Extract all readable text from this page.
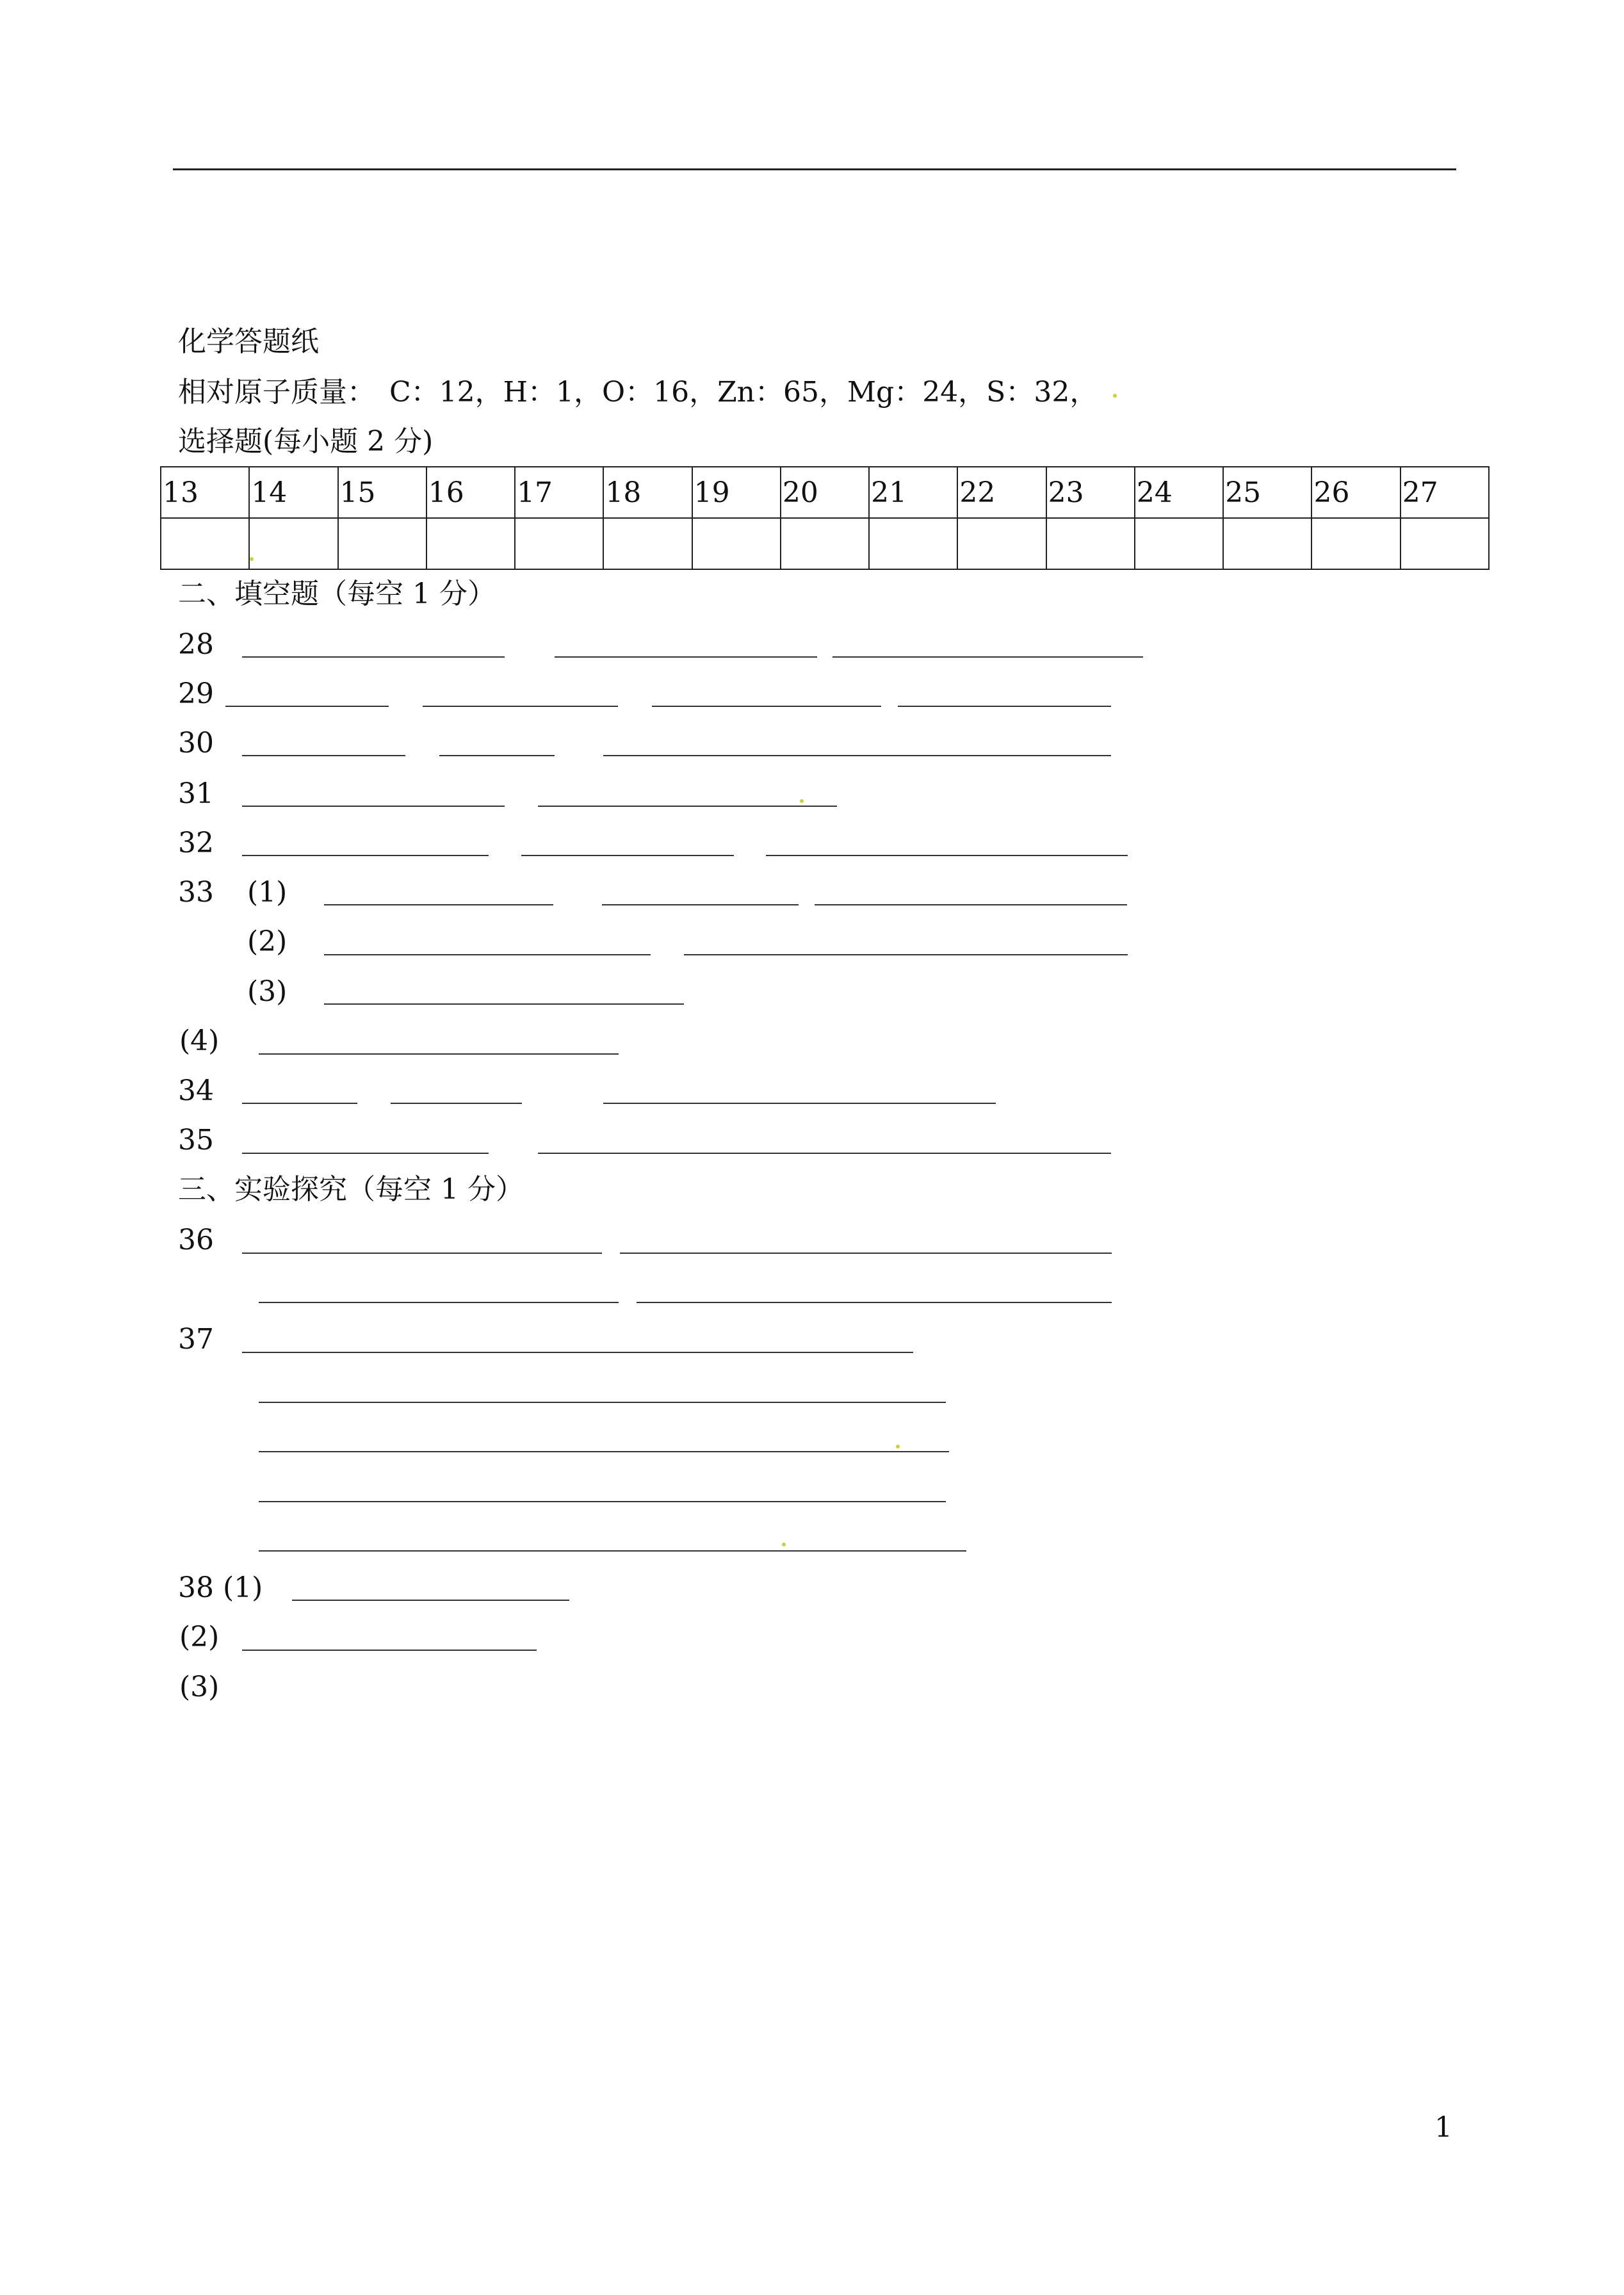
化学答题纸
相对原子质量：　C：12，H：1，O：16，Zn：65，Mg：24，S：32，
选择题(每小题 2 分)
13	14	15	16	17	18	19	20	21	22	23	24	25	26	27

二、填空题（每空 1 分）
28
29
30
31
32
33 (1)
(2)
(3)
(4)
34
35
三、实验探究（每空 1 分）
36
37
38 (1)
(2)
(3)
1
